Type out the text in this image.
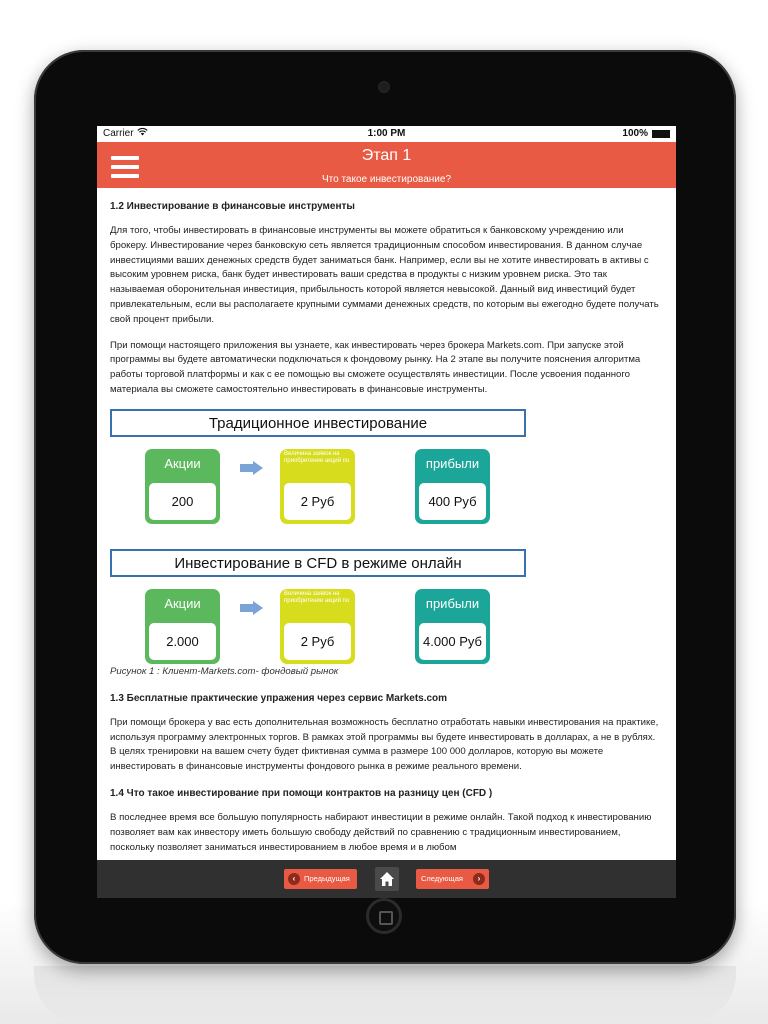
Carrier	1:00 PM	100%
Этап 1
Что такое инвестирование?
1.2 Инвестирование в финансовые инструменты

Для того, чтобы инвестировать в финансовые инструменты вы можете обратиться к банковскому учреждению или брокеру. Инвестирование через банковскую сеть является традиционным способом инвестирования. В данном случае инвестициями ваших денежных средств будет заниматься банк. Например, если вы не хотите инвестировать в активы с высоким уровнем риска, банк будет инвестировать ваши средства в продукты с низким уровнем риска. Это так называемая оборонительная инвестиция, прибыльность которой является невысокой. Данный вид инвестиций будет привлекательным, если вы располагаете крупными суммами денежных средств, по которым вы ежегодно будете получать свой процент прибыли.

При помощи настоящего приложения вы узнаете, как инвестировать через брокера Markets.com. При запуске этой программы вы будете автоматически подключаться к фондовому рынку. На 2 этапе вы получите пояснения алгоритма работы торговой платформы и как с ее помощью вы сможете осуществлять инвестиции. После усвоения поданного материала вы сможете самостоятельно инвестировать в финансовые инструменты.

Традиционное инвестирование
Акции
200
Величина заявок на приобретение акций по
2 Руб
прибыли
400 Руб
Инвестирование в CFD в режиме онлайн
Акции
2.000
Величина заявок на приобретение акций по
2 Руб
прибыли
4.000 Руб
Рисунок 1 : Клиент-Markets.com- фондовый рынок
1.3 Бесплатные практические упражения через сервис Markets.com

При помощи брокера у вас есть дополнительная возможность бесплатно отработать навыки инвестирования на практике, используя программу электронных торгов. В рамках этой программы вы будете инвестировать в долларах, а не в рублях. В целях тренировки на вашем счету будет фиктивная сумма в размере 100 000 долларов, которую вы можете инвестировать в финансовые инструменты фондового рынка в режиме реального времени.

1.4 Что такое инвестирование при помощи контрактов на разницу цен (CFD )

В последнее время все большую популярность набирают инвестиции в режиме онлайн. Такой подход к инвестированию позволяет вам как инвестору иметь большую свободу действий по сравнению с традиционным инвестированием, поскольку позволяет заниматься инвестированием в любое время и в любом

‹	Предыдущая	Следующая	›
